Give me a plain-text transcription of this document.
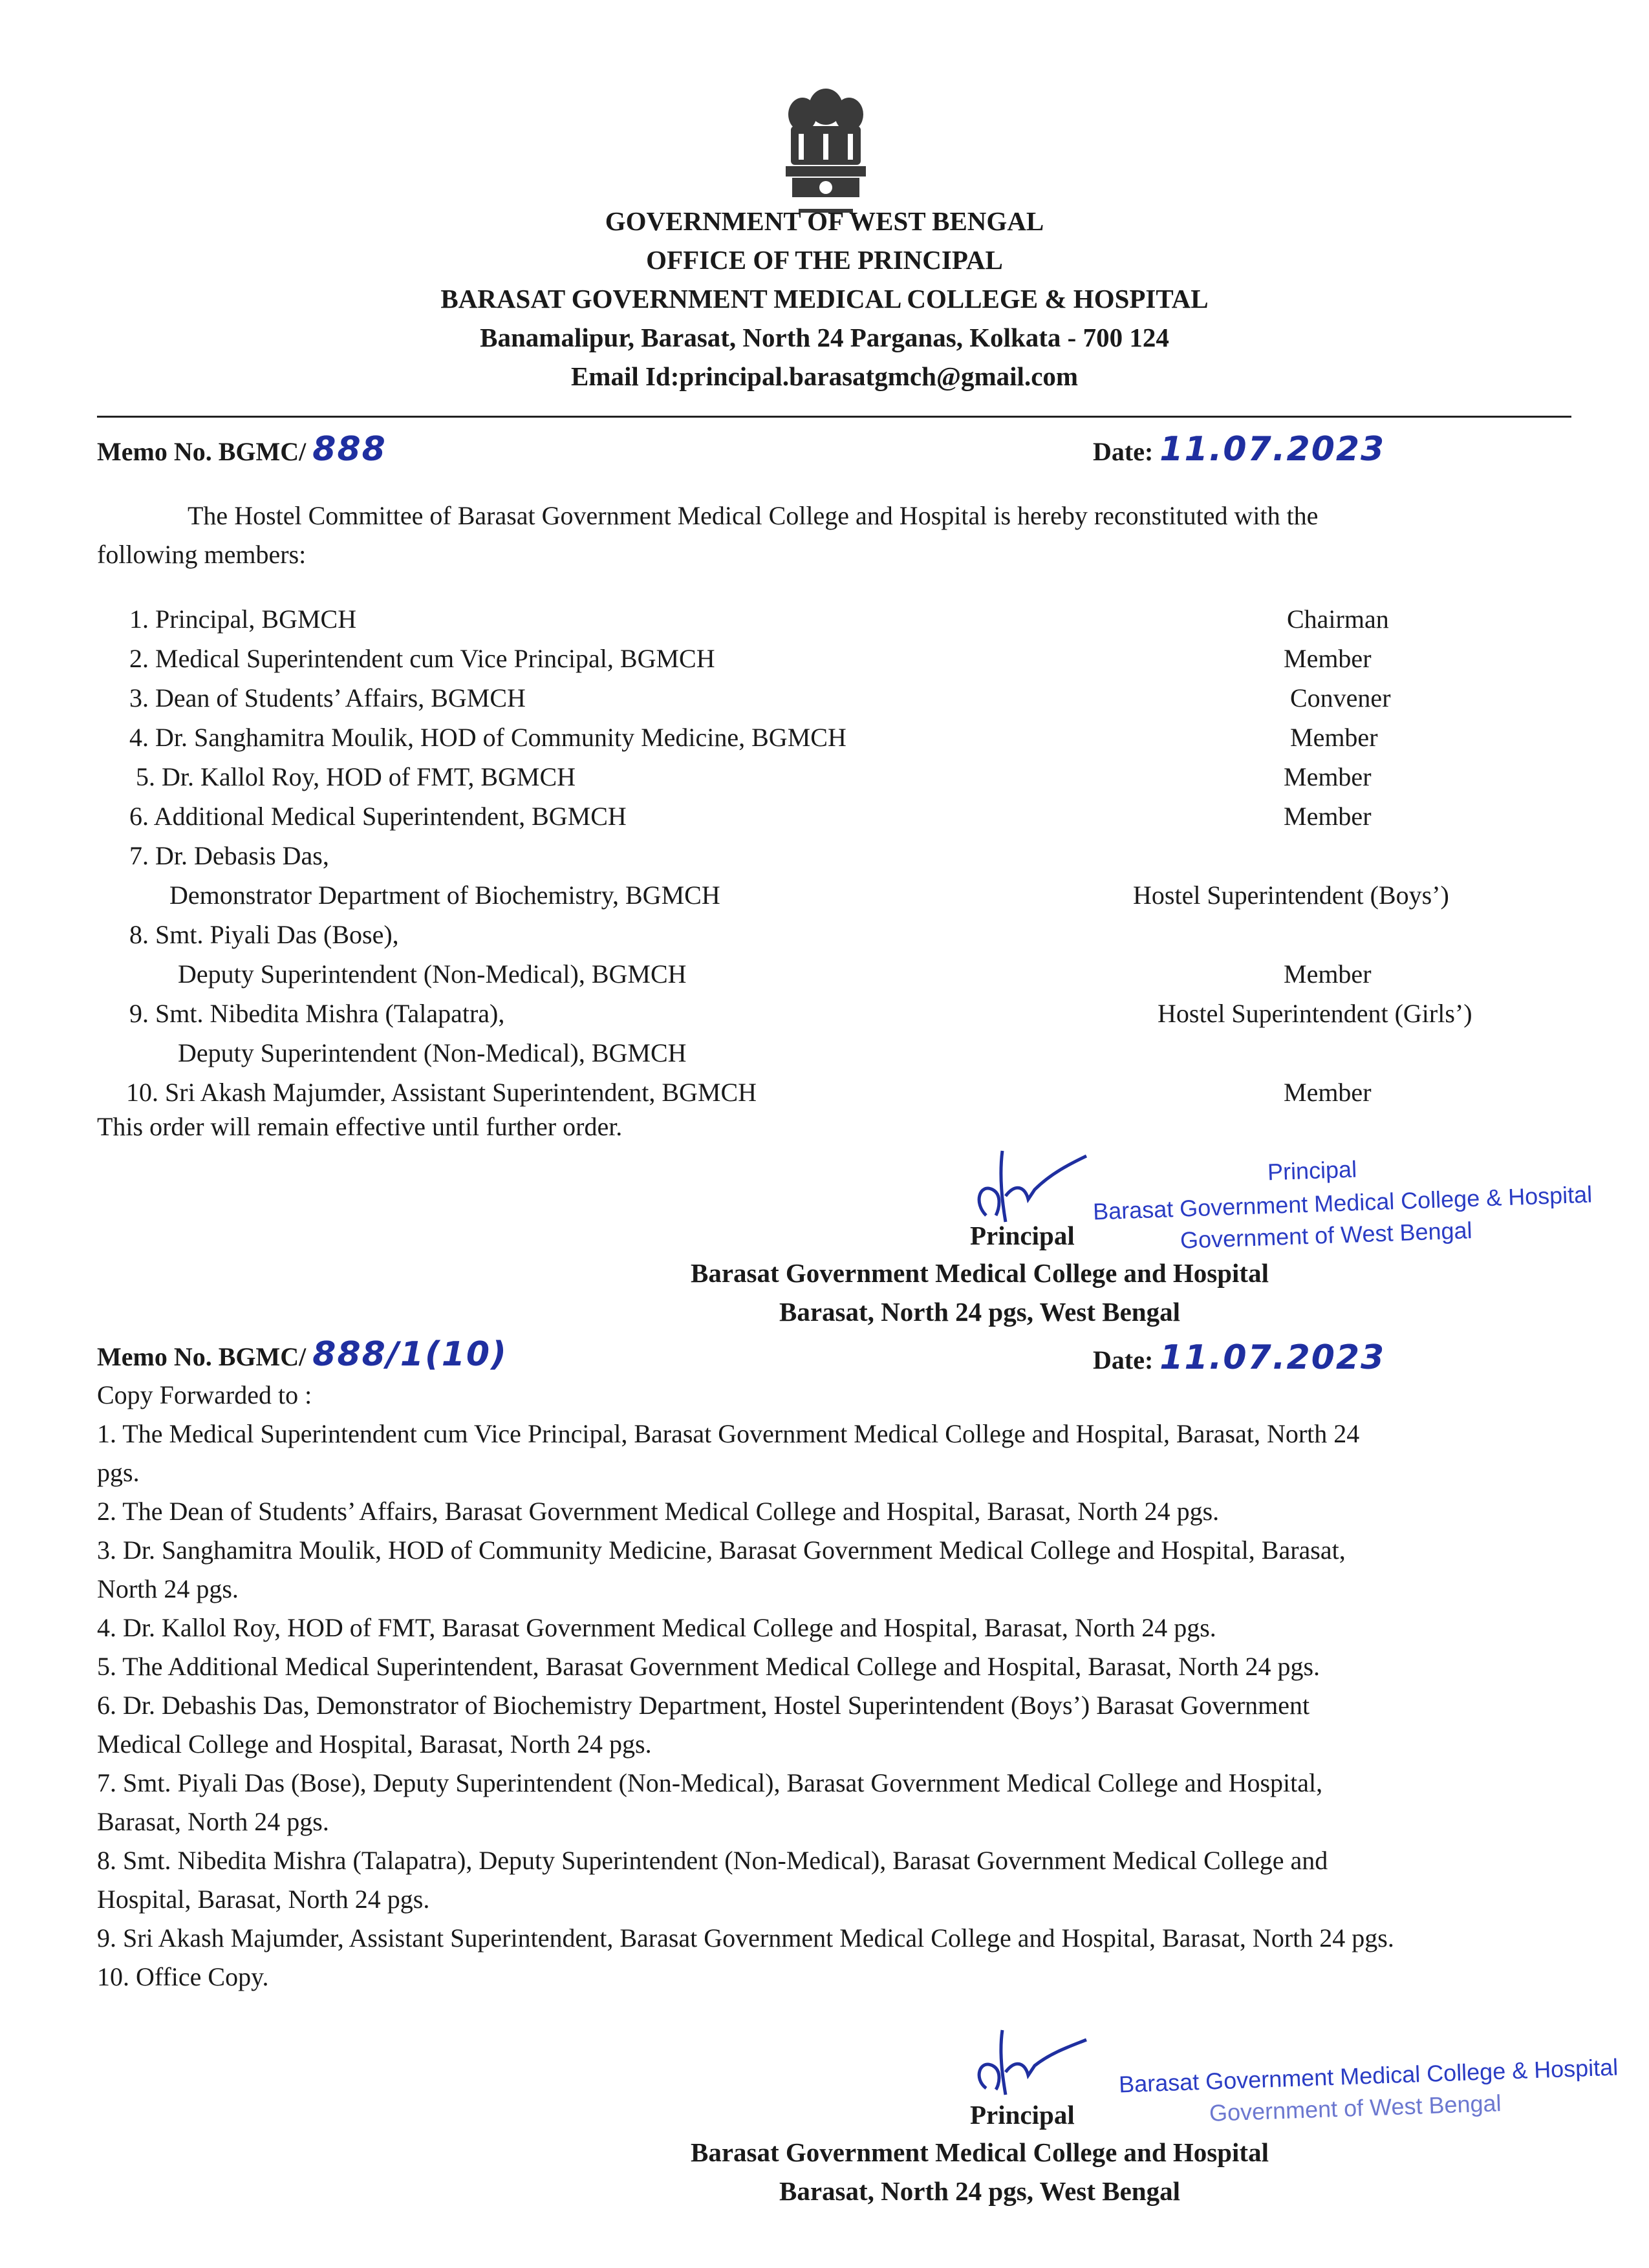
GOVERNMENT OF WEST BENGAL
OFFICE OF THE PRINCIPAL
BARASAT GOVERNMENT MEDICAL COLLEGE & HOSPITAL
Banamalipur, Barasat, North 24 Parganas, Kolkata - 700 124
Email Id:principal.barasatgmch@gmail.com
Memo No. BGMC/ 888	Date: 11.07.2023
The Hostel Committee of Barasat Government Medical College and Hospital is hereby reconstituted with the
following members:
1. Principal, BGMCH	Chairman
2. Medical Superintendent cum Vice Principal, BGMCH	Member
3. Dean of Students’ Affairs, BGMCH	Convener
4. Dr. Sanghamitra Moulik, HOD of Community Medicine, BGMCH	Member
5. Dr. Kallol Roy, HOD of FMT, BGMCH	Member
6. Additional Medical Superintendent, BGMCH	Member
7. Dr. Debasis Das,
Demonstrator Department of Biochemistry, BGMCH	Hostel Superintendent (Boys’)
8. Smt. Piyali Das (Bose),
Deputy Superintendent (Non-Medical), BGMCH	Member
9. Smt. Nibedita Mishra (Talapatra),	Hostel Superintendent (Girls’)
Deputy Superintendent (Non-Medical), BGMCH
10. Sri Akash Majumder, Assistant Superintendent, BGMCH	Member
This order will remain effective until further order.
Principal
Barasat Government Medical College & Hospital
Government of West Bengal
Principal
Barasat Government Medical College and Hospital
Barasat, North 24 pgs, West Bengal
Memo No. BGMC/ 888/1(10)	Date: 11.07.2023
Copy Forwarded to :
1. The Medical Superintendent cum Vice Principal, Barasat Government Medical College and Hospital, Barasat, North 24
pgs.
2. The Dean of Students’ Affairs, Barasat Government Medical College and Hospital, Barasat, North 24 pgs.
3. Dr. Sanghamitra Moulik, HOD of Community Medicine, Barasat Government Medical College and Hospital, Barasat,
North 24 pgs.
4. Dr. Kallol Roy, HOD of FMT, Barasat Government Medical College and Hospital, Barasat, North 24 pgs.
5. The Additional Medical Superintendent, Barasat Government Medical College and Hospital, Barasat, North 24 pgs.
6. Dr. Debashis Das, Demonstrator of Biochemistry Department, Hostel Superintendent (Boys’) Barasat Government
Medical College and Hospital, Barasat, North 24 pgs.
7. Smt. Piyali Das (Bose), Deputy Superintendent (Non-Medical), Barasat Government Medical College and Hospital,
Barasat, North 24 pgs.
8. Smt. Nibedita Mishra (Talapatra), Deputy Superintendent (Non-Medical), Barasat Government Medical College and
Hospital, Barasat, North 24 pgs.
9. Sri Akash Majumder, Assistant Superintendent, Barasat Government Medical College and Hospital, Barasat, North 24 pgs.
10. Office Copy.
Barasat Government Medical College & Hospital
Government of West Bengal
Principal
Barasat Government Medical College and Hospital
Barasat, North 24 pgs, West Bengal
